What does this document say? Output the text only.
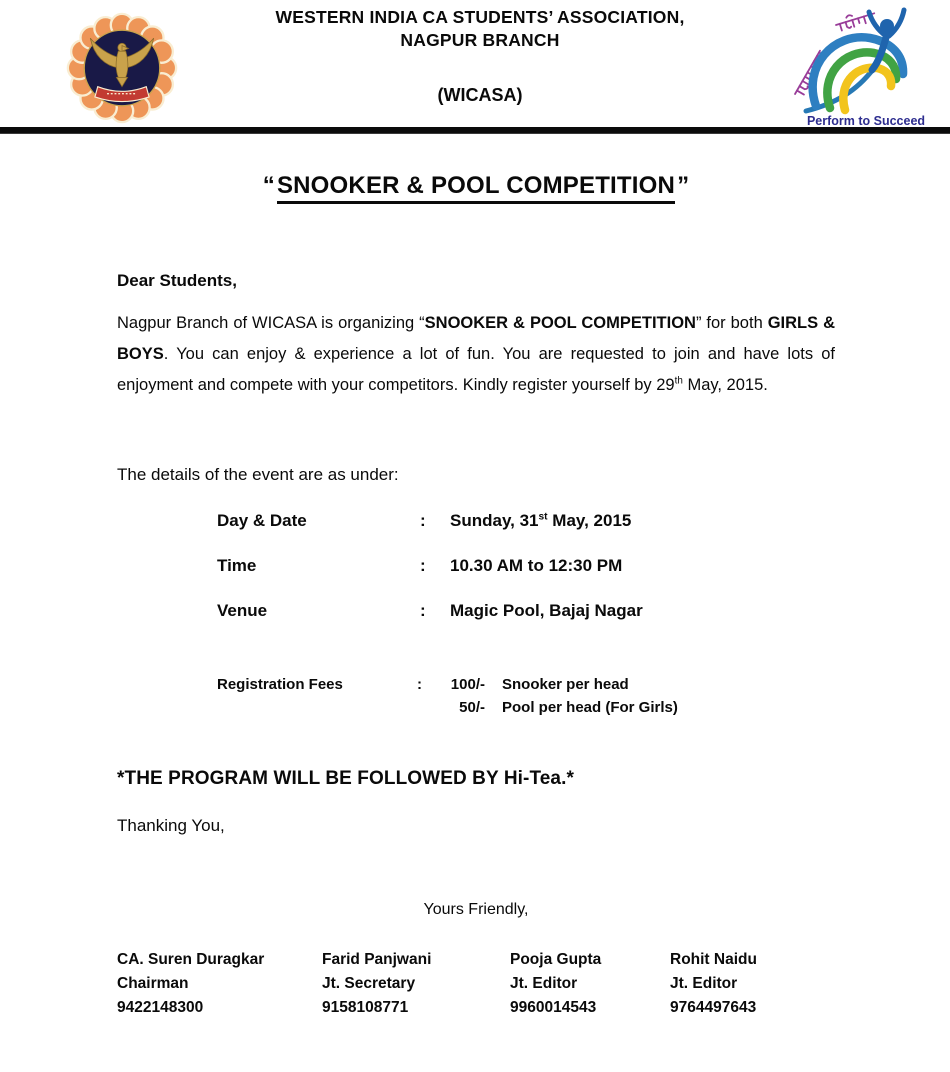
WESTERN INDIA CA STUDENTS’ ASSOCIATION,
NAGPUR BRANCH
(WICASA)
Perform to Succeed
“SNOOKER & POOL COMPETITION”
Dear Students,

Nagpur Branch of WICASA is organizing “SNOOKER & POOL COMPETITION” for both GIRLS & BOYS. You can enjoy & experience a lot of fun. You are requested to join and have lots of enjoyment and compete with your competitors. Kindly register yourself by 29th May, 2015.

The details of the event are as under:
Day & Date	: Sunday, 31st May, 2015
Time	: 10.30 AM to 12:30 PM
Venue	: Magic Pool, Bajaj Nagar
Registration Fees	: 100/- Snooker per head
50/- Pool per head (For Girls)
*THE PROGRAM WILL BE FOLLOWED BY Hi-Tea.*
Thanking You,
Yours Friendly,
CA. Suren Duragkar
Chairman
9422148300
Farid Panjwani
Jt. Secretary
9158108771
Pooja Gupta
Jt. Editor
9960014543
Rohit Naidu
Jt. Editor
9764497643
